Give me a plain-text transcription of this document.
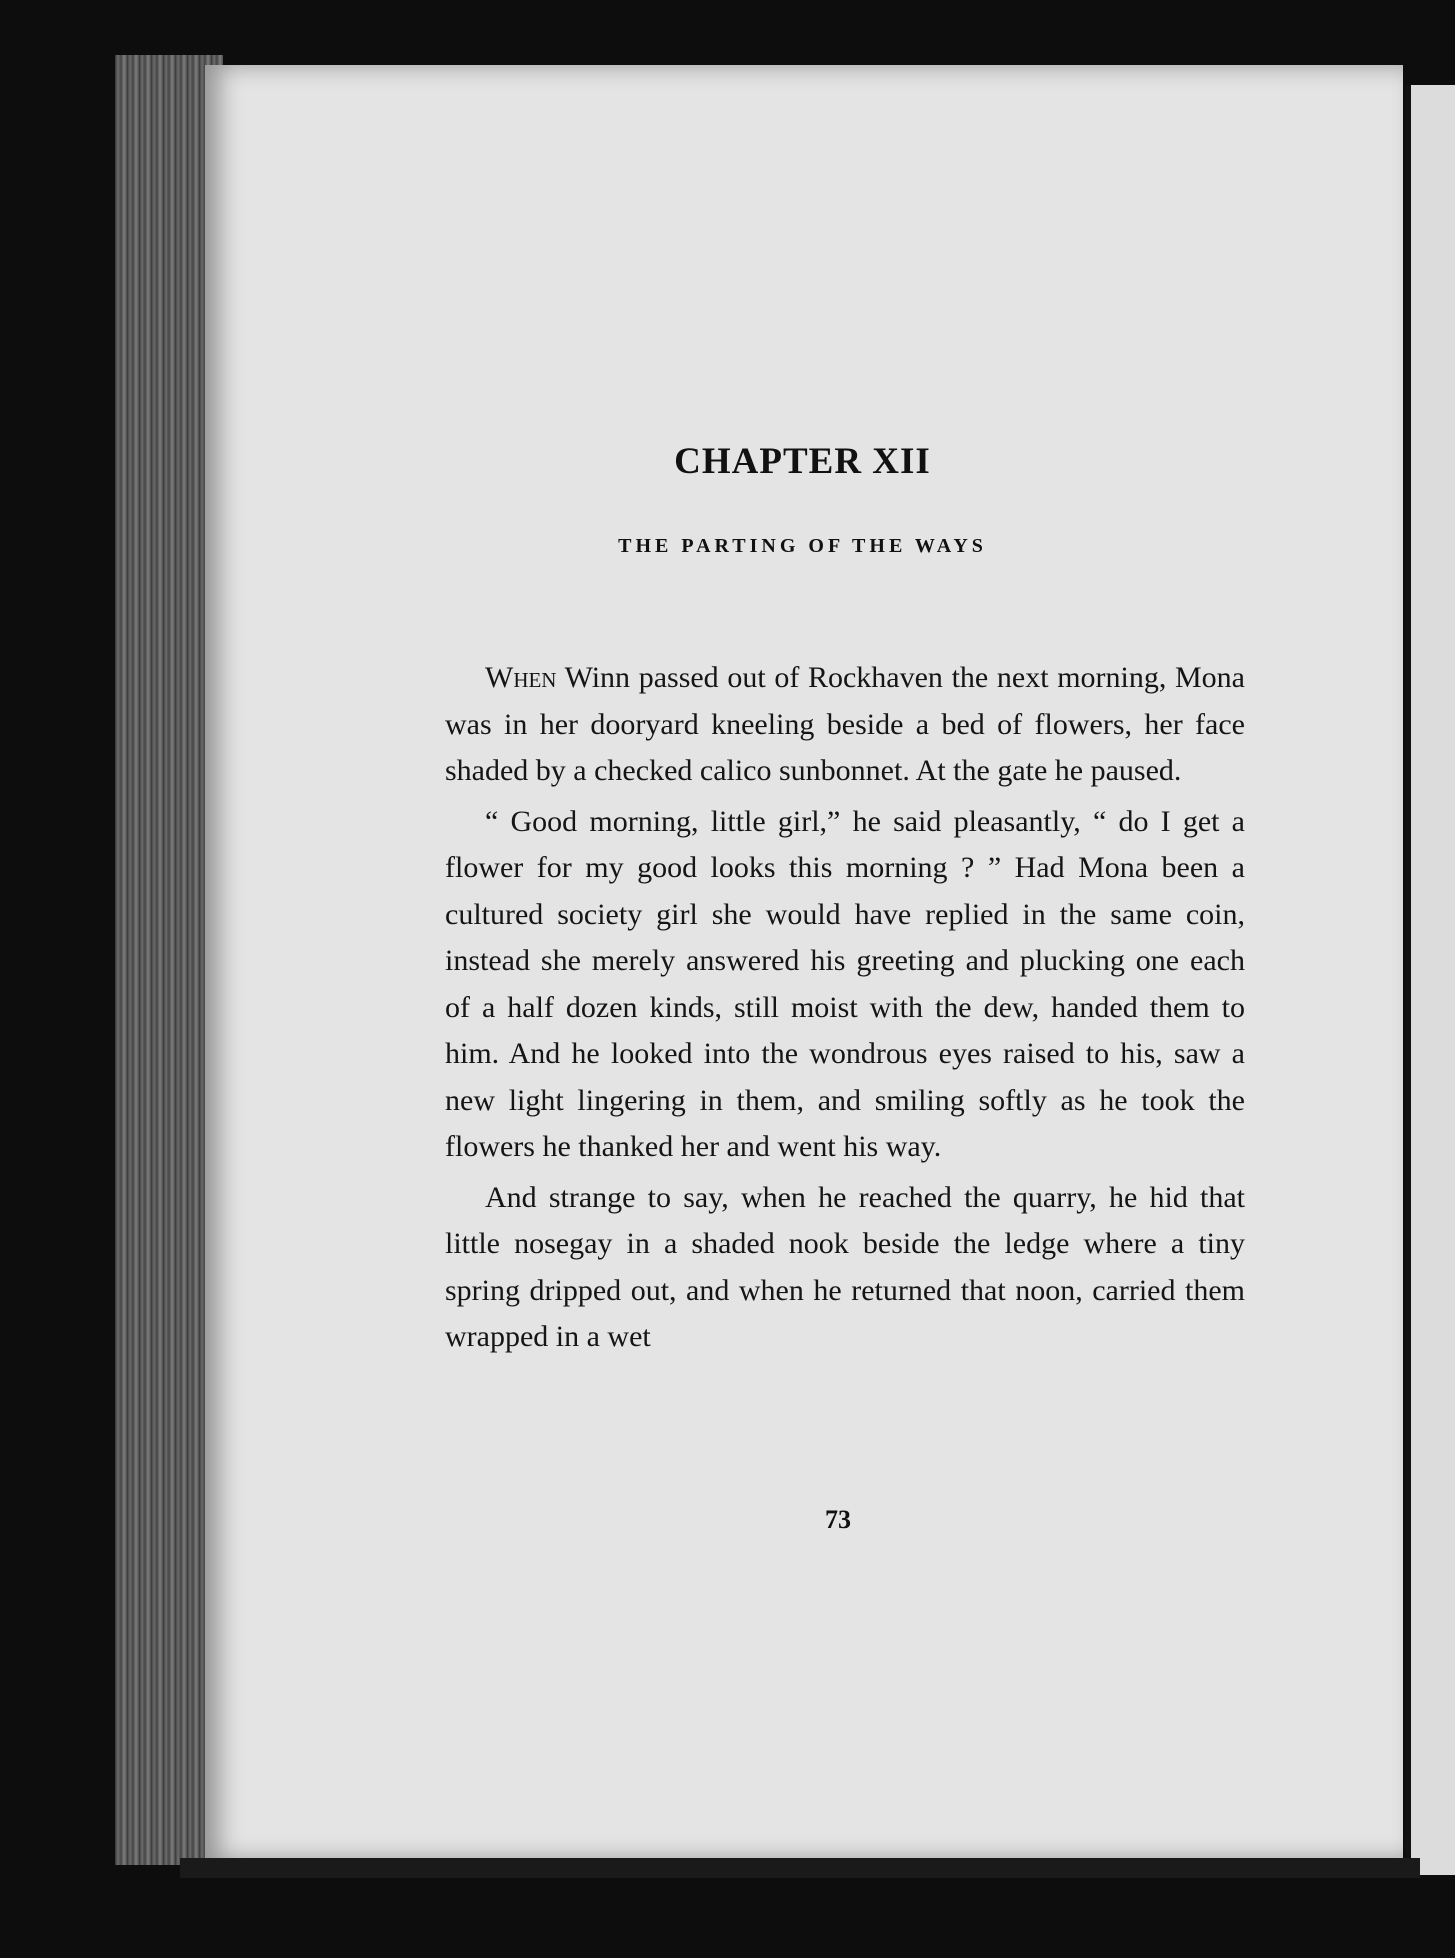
CHAPTER XII
THE PARTING OF THE WAYS

When Winn passed out of Rockhaven the next morning, Mona was in her dooryard kneeling beside a bed of flowers, her face shaded by a checked calico sunbonnet. At the gate he paused.

“ Good morning, little girl,” he said pleasantly, “ do I get a flower for my good looks this morning ? ” Had Mona been a cultured society girl she would have replied in the same coin, instead she merely answered his greeting and plucking one each of a half dozen kinds, still moist with the dew, handed them to him. And he looked into the wondrous eyes raised to his, saw a new light lingering in them, and smiling softly as he took the flowers he thanked her and went his way.

And strange to say, when he reached the quarry, he hid that little nosegay in a shaded nook beside the ledge where a tiny spring dripped out, and when he returned that noon, carried them wrapped in a wet

73
